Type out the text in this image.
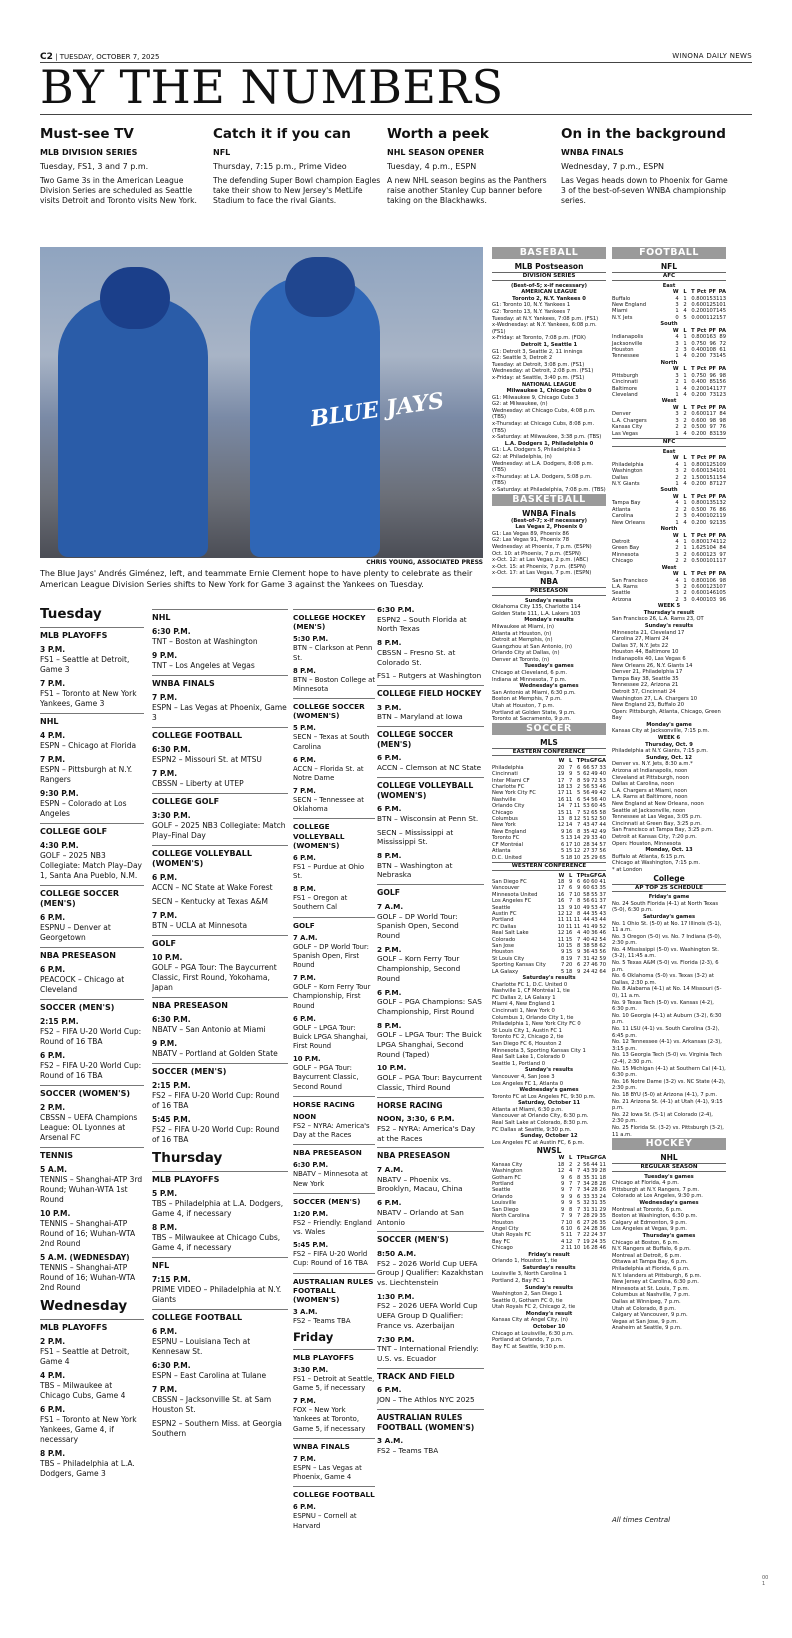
C2 | TUESDAY, OCTOBER 7, 2025	WINONA DAILY NEWS
BY THE NUMBERS
Must-see TV
MLB DIVISION SERIES
Tuesday, FS1, 3 and 7 p.m.
Two Game 3s in the American League Division Series are scheduled as Seattle visits Detroit and Toronto visits New York.
Catch it if you can
NFL
Thursday, 7:15 p.m., Prime Video
The defending Super Bowl champion Eagles take their show to New Jersey's MetLife Stadium to face the rival Giants.
Worth a peek
NHL SEASON OPENER
Tuesday, 4 p.m., ESPN
A new NHL season begins as the Panthers raise another Stanley Cup banner before taking on the Blackhawks.
On in the background
WNBA FINALS
Wednesday, 7 p.m., ESPN
Las Vegas heads down to Phoenix for Game 3 of the best-of-seven WNBA championship series.
BLUE JAYS
CHRIS YOUNG, ASSOCIATED PRESS
The Blue Jays' Andrés Giménez, left, and teammate Ernie Clement hope to have plenty to celebrate as their American League Division Series shifts to New York for Game 3 against the Yankees on Tuesday.
Tuesday
MLB PLAYOFFS
3 P.M.
FS1 – Seattle at Detroit, Game 3
7 P.M.
FS1 – Toronto at New York Yankees, Game 3
NHL
4 P.M.
ESPN – Chicago at Florida
7 P.M.
ESPN – Pittsburgh at N.Y. Rangers
9:30 P.M.
ESPN – Colorado at Los Angeles
COLLEGE GOLF
4:30 P.M.
GOLF – 2025 NB3 Collegiate: Match Play–Day 1, Santa Ana Pueblo, N.M.
COLLEGE SOCCER (MEN'S)
6 P.M.
ESPNU – Denver at Georgetown
NBA PRESEASON
6 P.M.
PEACOCK – Chicago at Cleveland
SOCCER (MEN'S)
2:15 P.M.
FS2 – FIFA U-20 World Cup: Round of 16 TBA
6 P.M.
FS2 – FIFA U-20 World Cup: Round of 16 TBA
SOCCER (WOMEN'S)
2 P.M.
CBSSN – UEFA Champions League: OL Lyonnes at Arsenal FC
TENNIS
5 A.M.
TENNIS – Shanghai-ATP 3rd Round; Wuhan-WTA 1st Round
10 P.M.
TENNIS – Shanghai-ATP Round of 16; Wuhan-WTA 2nd Round
5 A.M. (WEDNESDAY)
TENNIS – Shanghai-ATP Round of 16; Wuhan-WTA 2nd Round
Wednesday
MLB PLAYOFFS
2 P.M.
FS1 – Seattle at Detroit, Game 4
4 P.M.
TBS – Milwaukee at Chicago Cubs, Game 4
6 P.M.
FS1 – Toronto at New York Yankees, Game 4, if necessary
8 P.M.
TBS – Philadelphia at L.A. Dodgers, Game 3
NHL
6:30 P.M.
TNT – Boston at Washington
9 P.M.
TNT – Los Angeles at Vegas
WNBA FINALS
7 P.M.
ESPN – Las Vegas at Phoenix, Game 3
COLLEGE FOOTBALL
6:30 P.M.
ESPN2 – Missouri St. at MTSU
7 P.M.
CBSSN – Liberty at UTEP
COLLEGE GOLF
3:30 P.M.
GOLF – 2025 NB3 Collegiate: Match Play–Final Day
COLLEGE VOLLEYBALL (WOMEN'S)
6 P.M.
ACCN – NC State at Wake Forest
SECN – Kentucky at Texas A&M
7 P.M.
BTN – UCLA at Minnesota
GOLF
10 P.M.
GOLF – PGA Tour: The Baycurrent Classic, First Round, Yokohama, Japan
NBA PRESEASON
6:30 P.M.
NBATV – San Antonio at Miami
9 P.M.
NBATV – Portland at Golden State
SOCCER (MEN'S)
2:15 P.M.
FS2 – FIFA U-20 World Cup: Round of 16 TBA
5:45 P.M.
FS2 – FIFA U-20 World Cup: Round of 16 TBA
Thursday
MLB PLAYOFFS
5 P.M.
TBS – Philadelphia at L.A. Dodgers, Game 4, if necessary
8 P.M.
TBS – Milwaukee at Chicago Cubs, Game 4, if necessary
NFL
7:15 P.M.
PRIME VIDEO – Philadelphia at N.Y. Giants
COLLEGE FOOTBALL
6 P.M.
ESPNU – Louisiana Tech at Kennesaw St.
6:30 P.M.
ESPN – East Carolina at Tulane
7 P.M.
CBSSN – Jacksonville St. at Sam Houston St.
ESPN2 – Southern Miss. at Georgia Southern
COLLEGE HOCKEY (MEN'S)
5:30 P.M.
BTN – Clarkson at Penn St.
8 P.M.
BTN – Boston College at Minnesota
COLLEGE SOCCER (WOMEN'S)
5 P.M.
SECN – Texas at South Carolina
6 P.M.
ACCN – Florida St. at Notre Dame
7 P.M.
SECN – Tennessee at Oklahoma
COLLEGE VOLLEYBALL (WOMEN'S)
6 P.M.
FS1 – Purdue at Ohio St.
8 P.M.
FS1 – Oregon at Southern Cal
GOLF
7 A.M.
GOLF – DP World Tour: Spanish Open, First Round
7 P.M.
GOLF – Korn Ferry Tour Championship, First Round
6 P.M.
GOLF – LPGA Tour: Buick LPGA Shanghai, First Round
10 P.M.
GOLF – PGA Tour: Baycurrent Classic, Second Round
HORSE RACING
NOON
FS2 – NYRA: America's Day at the Races
NBA PRESEASON
6:30 P.M.
NBATV – Minnesota at New York
SOCCER (MEN'S)
1:20 P.M.
FS2 – Friendly: England vs. Wales
5:45 P.M.
FS2 – FIFA U-20 World Cup: Round of 16 TBA
AUSTRALIAN RULES FOOTBALL (WOMEN'S)
3 A.M.
FS2 – Teams TBA
Friday
MLB PLAYOFFS
3:30 P.M.
FS1 – Detroit at Seattle, Game 5, if necessary
7 P.M.
FOX – New York Yankees at Toronto, Game 5, if necessary
WNBA FINALS
7 P.M.
ESPN – Las Vegas at Phoenix, Game 4
COLLEGE FOOTBALL
6 P.M.
ESPNU – Cornell at Harvard
6:30 P.M.
ESPN2 – South Florida at North Texas
8 P.M.
CBSSN – Fresno St. at Colorado St.
FS1 – Rutgers at Washington
COLLEGE FIELD HOCKEY
3 P.M.
BTN – Maryland at Iowa
COLLEGE SOCCER (MEN'S)
6 P.M.
ACCN – Clemson at NC State
COLLEGE VOLLEYBALL (WOMEN'S)
6 P.M.
BTN – Wisconsin at Penn St.
SECN – Mississippi at Mississippi St.
8 P.M.
BTN – Washington at Nebraska
GOLF
7 A.M.
GOLF – DP World Tour: Spanish Open, Second Round
2 P.M.
GOLF – Korn Ferry Tour Championship, Second Round
6 P.M.
GOLF – PGA Champions: SAS Championship, First Round
8 P.M.
GOLF – LPGA Tour: The Buick LPGA Shanghai, Second Round (Taped)
10 P.M.
GOLF – PGA Tour: Baycurrent Classic, Third Round
HORSE RACING
NOON, 3:30, 6 P.M.
FS2 – NYRA: America's Day at the Races
NBA PRESEASON
7 A.M.
NBATV – Phoenix vs. Brooklyn, Macau, China
6 P.M.
NBATV – Orlando at San Antonio
SOCCER (MEN'S)
8:50 A.M.
FS2 – 2026 World Cup UEFA Group J Qualifier: Kazakhstan vs. Liechtenstein
1:30 P.M.
FS2 – 2026 UEFA World Cup UEFA Group D Qualifier: France vs. Azerbaijan
7:30 P.M.
TNT – International Friendly: U.S. vs. Ecuador
TRACK AND FIELD
6 P.M.
JON – The Athlos NYC 2025
AUSTRALIAN RULES FOOTBALL (WOMEN'S)
3 A.M.
FS2 – Teams TBA
BASEBALL
MLB Postseason
DIVISION SERIES
(Best-of-5; x-if necessary)
AMERICAN LEAGUE
Toronto 2, N.Y. Yankees 0
G1: Toronto 10, N.Y. Yankees 1
G2: Toronto 13, N.Y. Yankees 7
Tuesday: at N.Y. Yankees, 7:08 p.m. (FS1)
x-Wednesday: at N.Y. Yankees, 6:08 p.m. (FS1)
x-Friday: at Toronto, 7:08 p.m. (FOX)
Detroit 1, Seattle 1
G1: Detroit 3, Seattle 2, 11 innings
G2: Seattle 3, Detroit 2
Tuesday: at Detroit, 3:08 p.m. (FS1)
Wednesday: at Detroit, 2:08 p.m. (FS1)
x-Friday: at Seattle, 3:40 p.m. (FS1)
NATIONAL LEAGUE
Milwaukee 1, Chicago Cubs 0
G1: Milwaukee 9, Chicago Cubs 3
G2: at Milwaukee, (n)
Wednesday: at Chicago Cubs, 4:08 p.m. (TBS)
x-Thursday: at Chicago Cubs, 8:08 p.m. (TBS)
x-Saturday: at Milwaukee, 3:38 p.m. (TBS)
L.A. Dodgers 1, Philadelphia 0
G1: L.A. Dodgers 5, Philadelphia 3
G2: at Philadelphia, (n)
Wednesday: at L.A. Dodgers, 8:08 p.m. (TBS)
x-Thursday: at L.A. Dodgers, 5:08 p.m. (TBS)
x-Saturday: at Philadelphia, 7:08 p.m. (TBS)
BASKETBALL
WNBA Finals
(Best-of-7; x-if necessary)
Las Vegas 2, Phoenix 0
G1: Las Vegas 89, Phoenix 86
G2: Las Vegas 91, Phoenix 78
Wednesday: at Phoenix, 7 p.m. (ESPN)
Oct. 10: at Phoenix, 7 p.m. (ESPN)
x-Oct. 12: at Las Vegas, 2 p.m. (ABC)
x-Oct. 15: at Phoenix, 7 p.m. (ESPN)
x-Oct. 17: at Las Vegas, 7 p.m. (ESPN)
NBA
PRESEASON
Sunday's results
Oklahoma City 135, Charlotte 114
Golden State 111, L.A. Lakers 103
Monday's results
Milwaukee at Miami, (n)
Atlanta at Houston, (n)
Detroit at Memphis, (n)
Guangzhou at San Antonio, (n)
Orlando City at Dallas, (n)
Denver at Toronto, (n)
Tuesday's games
Chicago at Cleveland, 6 p.m.
Indiana at Minnesota, 7 p.m.
Wednesday's games
San Antonio at Miami, 6:30 p.m.
Boston at Memphis, 7 p.m.
Utah at Houston, 7 p.m.
Portland at Golden State, 9 p.m.
Toronto at Sacramento, 9 p.m.
SOCCER
MLS
EASTERN CONFERENCE
	W	L	T	Pts	GF	GA
Philadelphia	20	7	6	66	57	33
Cincinnati	19	9	5	62	49	40
Inter Miami CF	17	7	8	59	72	53
Charlotte FC	18	13	2	56	53	46
New York City FC	17	11	5	56	49	42
Nashville	16	11	6	54	56	40
Orlando City	14	7	11	53	60	45
Chicago	15	11	7	52	65	58
Columbus	13	8	12	51	52	50
New York	12	14	7	43	47	44
New England	9	16	8	35	42	49
Toronto FC	5	13	14	29	33	40
CF Montréal	6	17	10	28	34	57
Atlanta	5	15	12	27	37	56
D.C. United	5	18	10	25	29	65
WESTERN CONFERENCE
	W	L	T	Pts	GF	GA
San Diego FC	18	9	6	60	60	41
Vancouver	17	6	9	60	63	35
Minnesota United	16	7	10	58	55	37
Los Angeles FC	16	7	8	56	61	37
Seattle	13	9	10	49	53	47
Austin FC	12	12	8	44	35	43
Portland	11	11	11	44	43	44
FC Dallas	10	11	11	41	49	52
Real Salt Lake	12	16	4	40	36	46
Colorado	11	15	7	40	42	54
San Jose	10	15	8	38	58	62
Houston	9	15	9	36	43	56
St Louis City	8	19	7	31	42	59
Sporting Kansas City	7	20	6	27	46	70
LA Galaxy	5	18	9	24	42	64
Saturday's results
Charlotte FC 1, D.C. United 0
Nashville 1, CF Montréal 1, tie
FC Dallas 2, LA Galaxy 1
Miami 4, New England 1
Cincinnati 1, New York 0
Columbus 1, Orlando City 1, tie
Philadelphia 1, New York City FC 0
St Louis City 1, Austin FC 1
Toronto FC 2, Chicago 2, tie
San Diego FC 6, Houston 2
Minnesota 3, Sporting Kansas City 1
Real Salt Lake 1, Colorado 0
Seattle 1, Portland 0
Sunday's results
Vancouver 4, San Jose 3
Los Angeles FC 1, Atlanta 0
Wednesday's games
Toronto FC at Los Angeles FC, 9:30 p.m.
Saturday, October 11
Atlanta at Miami, 6:30 p.m.
Vancouver at Orlando City, 6:30 p.m.
Real Salt Lake at Colorado, 8:30 p.m.
FC Dallas at Seattle, 9:30 p.m.
Sunday, October 12
Los Angeles FC at Austin FC, 6 p.m.
NWSL
	W	L	T	Pts	GF	GA
Kansas City	18	2	2	56	44	11
Washington	12	4	7	43	39	28
Gotham FC	9	6	8	35	31	18
Portland	9	7	7	34	28	28
Seattle	9	7	7	34	28	26
Orlando	9	9	6	33	33	24
Louisville	9	9	5	32	31	35
San Diego	9	8	7	31	31	29
North Carolina	7	9	7	28	29	35
Houston	7	10	6	27	26	35
Angel City	6	10	6	24	28	36
Utah Royals FC	5	11	7	22	24	37
Bay FC	4	12	7	19	24	35
Chicago	2	11	10	16	28	46
Friday's result
Orlando 1, Houston 1, tie
Saturday's results
Louisville 3, North Carolina 1
Portland 2, Bay FC 1
Sunday's results
Washington 2, San Diego 1
Seattle 0, Gotham FC 0, tie
Utah Royals FC 2, Chicago 2, tie
Monday's result
Kansas City at Angel City, (n)
October 10
Chicago at Louisville, 6:30 p.m.
Portland at Orlando, 7 p.m.
Bay FC at Seattle, 9:30 p.m.
FOOTBALL
NFL
AFC
East
	W	L	T	Pct	PF	PA
Buffalo	4	1	0	.800	153	113
New England	3	2	0	.600	125	101
Miami	1	4	0	.200	107	145
N.Y. Jets	0	5	0	.000	112	157
South
	W	L	T	Pct	PF	PA
Indianapolis	4	1	0	.800	163	89
Jacksonville	3	1	0	.750	96	72
Houston	2	3	0	.400	108	61
Tennessee	1	4	0	.200	73	145
North
	W	L	T	Pct	PF	PA
Pittsburgh	3	1	0	.750	96	98
Cincinnati	2	1	0	.400	85	156
Baltimore	1	4	0	.200	141	177
Cleveland	1	4	0	.200	73	123
West
	W	L	T	Pct	PF	PA
Denver	3	2	0	.600	117	84
L.A. Chargers	3	2	0	.600	98	98
Kansas City	2	2	0	.500	97	76
Las Vegas	1	4	0	.200	83	139
NFC
East
	W	L	T	Pct	PF	PA
Philadelphia	4	1	0	.800	125	109
Washington	3	2	0	.600	134	101
Dallas	2	2	1	.500	151	154
N.Y. Giants	1	4	0	.200	87	127
South
	W	L	T	Pct	PF	PA
Tampa Bay	4	1	0	.800	135	132
Atlanta	2	2	0	.500	76	86
Carolina	2	3	0	.400	102	119
New Orleans	1	4	0	.200	92	135
North
	W	L	T	Pct	PF	PA
Detroit	4	1	0	.800	174	112
Green Bay	2	1	1	.625	104	84
Minnesota	3	2	0	.600	123	97
Chicago	2	2	0	.500	101	117
West
	W	L	T	Pct	PF	PA
San Francisco	4	1	0	.800	106	98
L.A. Rams	3	2	0	.600	123	107
Seattle	3	2	0	.600	146	105
Arizona	2	3	0	.400	103	96
WEEK 5
Thursday's result
San Francisco 26, L.A. Rams 23, OT
Sunday's results
Minnesota 21, Cleveland 17
Carolina 27, Miami 24
Dallas 37, N.Y. Jets 22
Houston 44, Baltimore 10
Indianapolis 40, Las Vegas 6
New Orleans 26, N.Y. Giants 14
Denver 21, Philadelphia 17
Tampa Bay 38, Seattle 35
Tennessee 22, Arizona 21
Detroit 37, Cincinnati 24
Washington 27, L.A. Chargers 10
New England 23, Buffalo 20
Open: Pittsburgh, Atlanta, Chicago, Green Bay
Monday's game
Kansas City at Jacksonville, 7:15 p.m.
WEEK 6
Thursday, Oct. 9
Philadelphia at N.Y. Giants, 7:15 p.m.
Sunday, Oct. 12
Denver vs. N.Y. Jets, 8:30 a.m.*
Arizona at Indianapolis, noon
Cleveland at Pittsburgh, noon
Dallas at Carolina, noon
L.A. Chargers at Miami, noon
L.A. Rams at Baltimore, noon
New England at New Orleans, noon
Seattle at Jacksonville, noon
Tennessee at Las Vegas, 3:05 p.m.
Cincinnati at Green Bay, 3:25 p.m.
San Francisco at Tampa Bay, 3:25 p.m.
Detroit at Kansas City, 7:20 p.m.
Open: Houston, Minnesota
Monday, Oct. 13
Buffalo at Atlanta, 6:15 p.m.
Chicago at Washington, 7:15 p.m.
* at London
College
AP TOP 25 SCHEDULE
Friday's game
No. 24 South Florida (4-1) at North Texas (5-0), 6:30 p.m.
Saturday's games
No. 1 Ohio St. (5-0) at No. 17 Illinois (5-1), 11 a.m.
No. 3 Oregon (5-0) vs. No. 7 Indiana (5-0), 2:30 p.m.
No. 4 Mississippi (5-0) vs. Washington St. (3-2), 11:45 a.m.
No. 5 Texas A&M (5-0) vs. Florida (2-3), 6 p.m.
No. 6 Oklahoma (5-0) vs. Texas (3-2) at Dallas, 2:30 p.m.
No. 8 Alabama (4-1) at No. 14 Missouri (5-0), 11 a.m.
No. 9 Texas Tech (5-0) vs. Kansas (4-2), 6:30 p.m.
No. 10 Georgia (4-1) at Auburn (3-2), 6:30 p.m.
No. 11 LSU (4-1) vs. South Carolina (3-2), 6:45 p.m.
No. 12 Tennessee (4-1) vs. Arkansas (2-3), 3:15 p.m.
No. 13 Georgia Tech (5-0) vs. Virginia Tech (2-4), 2:30 p.m.
No. 15 Michigan (4-1) at Southern Cal (4-1), 6:30 p.m.
No. 16 Notre Dame (3-2) vs. NC State (4-2), 2:30 p.m.
No. 18 BYU (5-0) at Arizona (4-1), 7 p.m.
No. 21 Arizona St. (4-1) at Utah (4-1), 9:15 p.m.
No. 22 Iowa St. (5-1) at Colorado (2-4), 2:30 p.m.
No. 25 Florida St. (3-2) vs. Pittsburgh (3-2), 11 a.m.
HOCKEY
NHL
REGULAR SEASON
Tuesday's games
Chicago at Florida, 4 p.m.
Pittsburgh at N.Y. Rangers, 7 p.m.
Colorado at Los Angeles, 9:30 p.m.
Wednesday's games
Montreal at Toronto, 6 p.m.
Boston at Washington, 6:30 p.m.
Calgary at Edmonton, 9 p.m.
Los Angeles at Vegas, 9 p.m.
Thursday's games
Chicago at Boston, 6 p.m.
N.Y. Rangers at Buffalo, 6 p.m.
Montreal at Detroit, 6 p.m.
Ottawa at Tampa Bay, 6 p.m.
Philadelphia at Florida, 6 p.m.
N.Y. Islanders at Pittsburgh, 6 p.m.
New Jersey at Carolina, 6:30 p.m.
Minnesota at St. Louis, 7 p.m.
Columbus at Nashville, 7 p.m.
Dallas at Winnipeg, 7 p.m.
Utah at Colorado, 8 p.m.
Calgary at Vancouver, 9 p.m.
Vegas at San Jose, 9 p.m.
Anaheim at Seattle, 9 p.m.
All times Central
00 1
